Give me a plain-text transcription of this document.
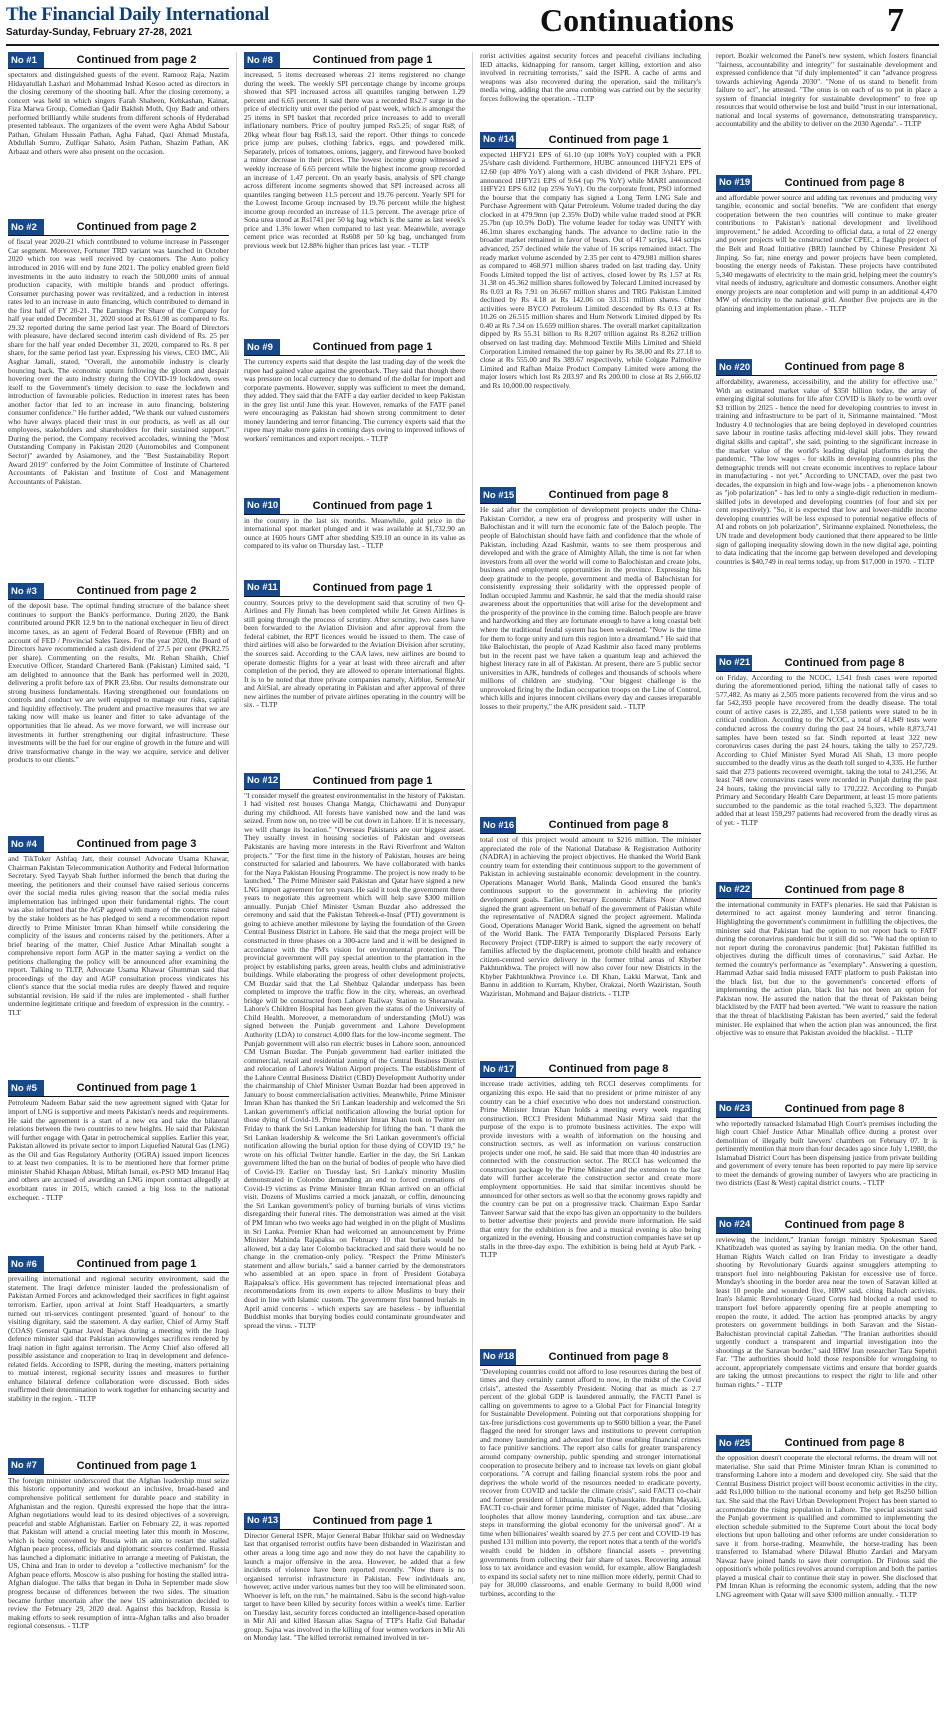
The Financial Daily International
Saturday-Sunday, February 27-28, 2021	Continuations	7
No #1	Continued from page 2
spectators and distinguished guests of the event. Ramooz Raja, Nazim Hidayatullah Lashari and Mohammad Irshad Kosoo acted as directors in the closing ceremony of the shooting ball. After the closing ceremony, a concert was held in which singers Farah Shaheen, Kehkashan, Kainat, Fiza Marwa Group, Comedian Qadir Bakhsh Moth, Quy Badr and others performed brilliantly while students from different schools of Hyderabad presented tableaux. The organizers of the event were Agha Abdul Sabour Pathan, Ghulam Hussain Pathan, Agha Fahad, Qazi Ahmad Mustafa, Abdullah Sumro, Zulfiqar Sahato, Asim Pathan, Shazim Pathan, AK Arbaaz and others were also present on the occasion.
No #2	Continued from page 2
of fiscal year 2020-21 which contributed to volume increase in Passenger Car segment. Moreover, Fortuner TRD variant was launched in October 2020 which too was well received by customers. The Auto policy introduced in 2016 will end by June 2021. The policy enabled green field investments in the auto industry to reach the 500,000 units of annual production capacity, with multiple brands and product offerings. Consumer purchasing power was revitalized, and a reduction in interest rates led to an increase in auto financing, which contributed to demand in the first half of FY 20-21. The Earnings Per Share of the Company for half year ended December 31, 2020 stood at Rs.61.98 as compared to Rs. 29.32 reported during the same period last year. The Board of Directors with pleasure, have declared second interim cash dividend of Rs. 25 per share for the half year ended December 31, 2020, compared to Rs. 8 per share, for the same period last year. Expressing his views, CEO IMC, Ali Asghar Jamali, stated, "Overall, the automobile industry is clearly bouncing back. The economic upturn following the gloom and despair hovering over the auto industry during the COVID-19 lockdown, owes itself to the Government's timely decision to ease the lockdown and introduction of favourable policies. Reduction in interest rates has been another factor that led to an increase in auto financing, bolstering consumer confidence." He further added, "We thank our valued customers who have always placed their trust in our products, as well as all our employees, stakeholders and shareholders for their sustained support." During the period, the Company received accolades, winning the "Most Outstanding Company in Pakistan 2020 (Automobiles and Component Sector)" awarded by Asiamoney, and the "Best Sustainability Report Award 2019" conferred by the Joint Committee of Institute of Chartered Accountants of Pakistan and Institute of Cost and Management Accountants of Pakistan.
No #3	Continued from page 2
of the deposit base. The optimal funding structure of the balance sheet continues to support the Bank's performance. During 2020, the Bank contributed around PKR 12.9 bn to the national exchequer in lieu of direct income taxes, as an agent of Federal Board of Revenue (FBR) and on account of FED / Provincial Sales Taxes. For the year 2020, the Board of Directors have recommended a cash dividend of 27.5 per cent (PKR2.75 per share). Commenting on the results, Mr. Rehan Shaikh, Chief Executive Officer, Standard Chartered Bank (Pakistan) Limited said, "I am delighted to announce that the Bank has performed well in 2020, delivering a profit before tax of PKR 23.6bn. Our results demonstrate our strong business fundamentals. Having strengthened our foundations on controls and conduct we are well equipped to manage our risks, capital and liquidity effectively. The prudent and proactive measures that we are taking now will make us leaner and fitter to take advantage of the opportunities that lie ahead. As we move forward, we will increase our investments in further strengthening our digital infrastructure. These investments will be the fuel for our engine of growth in the future and will drive transformative change in the way we acquire, service and deliver products to our clients."
No #4	Continued from page 3
and TikToker Ashfaq Jatt, their counsel Advocate Usama Khawar, Chairman Pakistan Telecommunication Authority and Federal Information Secretary. Syed Tayyab Shah further informed the bench that during the meeting, the petitioners and their counsel have raised serious concerns over the social media rules giving reason that the social media rules implementation has infringed upon their fundamental rights. The court was also informed that the AGP agreed with many of the concerns raised by the stake holders as he has pledged to send a recommendation report directly to Prime Minister Imran Khan himself while considering the complicity of the issues and concerns raised by the petitioners. After a brief hearing of the matter, Chief Justice Athar Minallah sought a comprehensive report form AGP in the matter saying a verdict on the petitions challenging the policy will be announced after examining the report. Talking to TLTP, Advocate Usama Khawar Ghumman said that proceedings of the day and AGP consultation process vindicates his client's stance that the social media rules are deeply flawed and require substantial revision. He said if the rules are implemented - shall further undermine legitimate critique and freedom of expression in the country. - TLT
No #5	Continued from page 1
Petroleum Nadeem Babar said the new agreement signed with Qatar for import of LNG is supportive and meets Pakistan's needs and requirements. He said the agreement is a start of a new era and take the bilateral relations between the two countries to new heights. He said that Pakistan will further engage with Qatar in petrochemical supplies. Earlier this year, Pakistan allowed its private sector to import Liquefied Natural Gas (LNG) as the Oil and Gas Regulatory Authority (OGRA) issued import licences to at least two companies. It is to be mentioned here that former prime minister Shahid Khaqan Abbasi, Miftah Ismail, ex-PSO MD Imranul Haq and others are accused of awarding an LNG import contract allegedly at exorbitant rates in 2015, which caused a big loss to the national exchequer. - TLTP
No #6	Continued from page 1
prevailing international and regional security environment, said the statement. The Iraqi defence minister lauded the professionalism of Pakistan Armed Forces and acknowledged their sacrifices in fight against terrorism. Earlier, upon arrival at Joint Staff Headquarters, a smartly turned out tri-services contingent presented 'guard of honour' to the visiting dignitary, said the statement. A day earlier, Chief of Army Staff (COAS) General Qamar Javed Bajwa during a meeting with the Iraqi defence minister said that Pakistan acknowledges sacrifices rendered by Iraqi nation in fight against terrorism. The Army Chief also offered all possible assistance and cooperation to Iraq in development and defence-related fields. According to ISPR, during the meeting, matters pertaining to mutual interest, regional security issues and measures to further enhance bilateral defence collaboration were discussed. Both sides reaffirmed their determination to work together for enhancing security and stability in the region. - TLTP
No #7	Continued from page 1
The foreign minister underscored that the Afghan leadership must seize this historic opportunity and workout an inclusive, broad-based and comprehensive political settlement for durable peace and stability in Afghanistan and the region. Qureshi expressed the hope that the intra-Afghan negotiations would lead to its desired objectives of a sovereign, peaceful and stable Afghanistan. Earlier on February 22, it was reported that Pakistan will attend a crucial meeting later this month in Moscow, which is being convened by Russia with an aim to restart the stalled Afghan peace process, officials and diplomatic sources confirmed. Russia has launched a diplomatic initiative to arrange a meeting of Pakistan, the US, China and Iran in order to develop a "collective mechanism" for the Afghan peace efforts. Moscow is also pushing for hosting the stalled intra-Afghan dialogue. The talks that began in Doha in September made slow progress because of differences between the two sides. The situation became further uncertain after the new US administration decided to review the February 29, 2020 deal. Against this backdrop, Russia is making efforts to seek resumption of intra-Afghan talks and also broader regional consensus. - TLTP
No #8	Continued from page 1
increased, 5 items decreased whereas 21 items registered no change during the week. The weekly SPI percentage change by income groups showed that SPI increased across all quantiles ranging between 1.29 percent and 6.65 percent. It said there was a recorded Rs2.7 surge in the price of electricity unit over the period of past week, which is amongst the 25 items in SPI basket that recorded price increases to add to overall inflationary numbers. Price of poultry jumped Rs5.25; of sugar Rs8; of 20kg wheat flour bag Rs8.13, said the report. Other things to concede price jump are pulses, clothing fabrics, eggs, and powdered milk. Separately, prices of tomatoes, onions, jaggery, and firewood have booked a minor decrease in their prices. The lowest income group witnessed a weekly increase of 6.65 percent while the highest income group recorded an increase of 1.47 percent. On an yearly basis, analysis of SPI change across different income segments showed that SPI increased across all quantiles ranging between 11.5 percent and 19.76 percent. Yearly SPI for the Lowest Income Group increased by 19.76 percent while the highest income group recorded an increase of 11.5 percent. The average price of Sona urea stood at Rs1741 per 50 kg bag which is the same as last week's price and 1.3% lower when compared to last year. Meanwhile, average cement price was recorded at Rs608 per 50 kg bag, unchanged from previous week but 12.88% higher than prices last year. - TLTP
No #9	Continued from page 1
The currency experts said that despite the last trading day of the week the rupee had gained value against the greenback. They said that though there was pressure on local currency due to demand of the dollar for import and corporate payments. However, supply was sufficient to meet the demand, they added. They said that the FATF a day earlier decided to keep Pakistan in the grey list until June this year. However, remarks of the FATF panel were encouraging as Pakistan had shown strong commitment to deter money laundering and terror financing. The currency experts said that the rupee may make more gains in coming days owing to improved inflows of workers' remittances and export receipts. - TLTP
No #10	Continued from page 1
in the country in the last six months. Meanwhile, gold price in the international spot market plunged and it was available at $1,732.90 an ounce at 1605 hours GMT after shedding $39.10 an ounce in its value as compared to its value on Thursday last. - TLTP
No #11	Continued from page 1
country. Sources privy to the development said that scrutiny of two Q-Airlines and Fly Jinnah has been completed while Jet Green Airlines is still going through the process of scrutiny. After scrutiny, two cases have been forwarded to the Aviation Division and after approval from the federal cabinet, the RPT licences would be issued to them. The case of third airlines will also be forwarded to the Aviation Division after scrutiny, the sources said. According to the CAA laws, new airlines are bound to operate domestic flights for a year at least with three aircraft and after completion of the period, they are allowed to operate international flights. It is to be noted that three private companies namely, Airblue, SereneAir and AirSial, are already operating in Pakistan and after approval of three new airlines the number of private airlines operating in the country will be six. - TLTP
No #12	Continued from page 1
"I consider myself the greatest environmentalist in the history of Pakistan. I had visited rest houses Changa Manga, Chichawatni and Dunyapur during my childhood. All forests have vanished now and the land was seized. From now on, no tree will be cut down in Lahore. If it is necessary, we will change its location." "Overseas Pakistanis are our biggest asset. They usually invest in housing societies of Pakistan and overseas Pakistanis are having more interests in the Ravi Riverfront and Walton projects." "For the first time in the history of Pakistan, houses are being constructed for salaried and labourers. We have collaborated with banks for the Naya Pakistan Housing Programme. The project is now ready to be launched." The Prime Minister said Pakistan and Qatar have signed a new LNG import agreement for ten years. He said it took the government three years to negotiate this agreement which will help save $300 million annually. Punjab Chief Minister Usman Buzdar also addressed the ceremony and said that the Pakistan Tehreek-e-Insaf (PTI) government is going to achieve another milestone by laying the foundation of the Green Central Business District in Lahore. He said that the mega project will be constructed in three phases on a 300-acre land and it will be designed in accordance with the PM's vision for environmental protection. The provincial government will pay special attention to the plantation in the project by establishing parks, green areas, health clubs and administrative buildings. While elaborating the progress of other development projects, CM Buzdar said that the Lal Shehbaz Qalandar underpass has been completed to improve the traffic flow in the city, whereas, an overhead bridge will be constructed from Lahore Railway Station to Sheranwala. Lahore's Children Hospital has been given the status of the University of Child Health. Moreover, a memorandum of understanding (MoU) was signed between the Punjab government and Lahore Development Authority (LDA) to construct 4,000 flats for the low-income segment. The Punjab government will also run electric buses in Lahore soon, announced CM Usman Buzdar. The Punjab government had earlier initiated the commercial, retail and residential zoning of the Central Business District and relocation of Lahore's Walton Airport projects. The establishment of the Lahore Central Business District (CBD) Development Authority under the chairmanship of Chief Minister Usman Buzdar had been approved in January to boost commercialisation activities. Meanwhile, Prime Minister Imran Khan has thanked the Sri Lankan leadership and welcomed the Sri Lankan government's official notification allowing the burial option for those dying of Covid-19. Prime Minister Imran Khan took to Twitter on Friday to thank the Sri Lankan leadership for lifting the ban. "I thank the Sri Lankan leadership & welcome the Sri Lankan government's official notification allowing the burial option for those dying of COVID 19," he wrote on his official Twitter handle. Earlier in the day, the Sri Lankan government lifted the ban on the burial of bodies of people who have died of Covid-19. Earlier on Tuesday last, Sri Lanka's minority Muslim demonstrated in Colombo demanding an end to forced cremations of Covid-19 victims as Prime Minister Imran Khan arrived on an official visit. Dozens of Muslims carried a mock janazah, or coffin, denouncing the Sri Lankan government's policy of burning burials of virus victims disregarding their funeral rites. The demonstration was aimed at the visit of PM Imran who two weeks ago had weighed in on the plight of Muslims in Sri Lanka. Premier Khan had welcomed an announcement by Prime Minister Mahinda Rajapaksa on February 10 that burials would be allowed, but a day later Colombo backtracked and said there would be no change in the cremation-only policy. "Respect the Prime Minister's statement and allow burials," said a banner carried by the demonstrators who assembled at an open space in front of President Gotabaya Rajapaksa's office. His government has rejected international pleas and recommendations from its own experts to allow Muslims to bury their dead in line with Islamic custom. The government first banned burials in April amid concerns - which experts say are baseless - by influential Buddhist monks that burying bodies could contaminate groundwater and spread the virus. - TLTP
No #13	Continued from page 1
Director General ISPR, Major General Babar Iftikhar said on Wednesday last that organised terrorist outfits have been disbanded in Waziristan and other areas a long time ago and now they do not have the capability to launch a major offensive in the area. However, he added that a few incidents of violence have been reported recently. "Now there is no organised terrorist infrastructure in Pakistan. Few individuals are, however, active under various names but they too will be eliminated soon. Whoever is left, on the run," he maintained. Sabu is the second high-value target to have been killed by security forces within a week's time. Earlier on Tuesday last, security forces conducted an intelligence-based operation in Mir Ali and killed Hassan alias Sagna of TTP's Hafiz Gul Bahadar group. Sajna was involved in the killing of four women workers in Mir Ali on Monday last. "The killed terrorist remained involved in ter-
rorist activities against security forces and peaceful civilians including IED attacks, kidnapping for ransom, target killing, extortion and also involved in recruiting terrorists," said the ISPR. A cache of arms and weapons was also recovered during the operation, said the military's media wing, adding that the area combing was carried out by the security forces following the operation. - TLTP
No #14	Continued from page 1
expected 1HFY21 EPS of 61.10 (up 108% YoY) coupled with a PKR 25/share cash dividend. Furthermore, HUBC announced 1HFY21 EPS of 12.60 (up 48% YoY) along with a cash dividend of PKR 3/share. PPL announced 1HFY21 EPS of 9.64 (up 7% YoY) while MARI announced 1HFY21 EPS 6.02 (up 25% YoY). On the corporate front, PSO informed the bourse that the company has signed a Long Term LNG Sale and Purchase Agreement with Qatar Petroleum. Volume traded during the day clocked in at 479.9mn (up 2.35% DoD) while value traded stood at PKR 25.7bn (up 10.5% DoD). The volume leader for today was UNITY with 46.1mn shares exchanging hands. The advance to decline ratio in the broader market remained in favor of bears. Out of 417 scrips, 144 scrips advanced, 257 declined while the value of 16 scrips remained intact. The ready market volume ascended by 2.35 per cent to 479.981 million shares as compared to 468.971 million shares traded on last trading day. Unity Foods Limited topped the list of actives, closed lower by Rs 1.57 at Rs 31.38 on 45.362 million shares followed by Telecard Limited increased by Rs 0.03 at Rs 7.91 on 36.667 million shares and TRG Pakistan Limited declined by Rs 4.18 at Rs 142.06 on 33.151 million shares. Other activities were BYCO Petroleum Limited descended by Rs 0.13 at Rs 10.26 on 26.515 million shares and Hum Network Limited dipped by Rs 0.40 at Rs 7.34 on 15.659 million shares. The overall market capitalization dipped by Rs 55.31 billion to Rs 8.207 trillion against Rs 8.262 trillion observed on last trading day. Mehmood Textile Mills Limited and Shield Corporation Limited remained the top gainer by Rs 38.00 and Rs 27.18 to close at Rs 555.00 and Rs 389.67 respectively, while Colgate Palmolive Limited and Rafhan Maize Product Company Limited were among the major losers which lost Rs 203.97 and Rs 200.00 to close at Rs 2,666.02 and Rs 10,000.00 respectively.
No #15	Continued from page 8
He said after the completion of development projects under the China-Pakistan Corridor, a new era of progress and prosperity will usher in Balochistan and it will turn the economic fate of the Baloch people. The people of Balochistan should have faith and confidence that the whole of Pakistan, including Azad Kashmir, wants to see them prosperous and developed and with the grace of Almighty Allah, the time is not far when investors from all over the world will come to Balochistan and create jobs, business and employment opportunities in the province. Expressing his deep gratitude to the people, government and media of Balochistan for consistently expressing their solidarity with the oppressed people of Indian occupied Jammu and Kashmir, he said that the media should raise awareness about the opportunities that will arise for the development and the prosperity of the province in the coming time. Baloch people are brave and hardworking and they are fortunate enough to have a long coastal belt where the traditional feudal system has been weakened. "Now is the time for them to forge unity and turn this region into a dreamland." He said that like Balochistan, the people of Azad Kashmir also faced many problems but in the recent past we have taken a quantum leap and achieved the highest literacy rate in all of Pakistan. At present, there are 5 public sector universities in AJK, hundreds of colleges and thousands of schools where millions of children are studying. "Our biggest challenge is the unprovoked firing by the Indian occupation troops on the Line of Control, which kills and injures innocent civilians every day and causes irreparable losses to their property," the AJK president said. - TLTP
No #16	Continued from page 8
total cost of this project would amount to $216 million. The minister appreciated the role of the National Database & Registration Authority (NADRA) in achieving the project objectives. He thanked the World Bank country team for extending their continuous support to the government of Pakistan in achieving sustainable economic development in the country. Operations Manager World Bank, Malinda Good ensured the bank's continuous support to the government in achieving the priority development goals. Earlier, Secretary Economic Affairs Noor Ahmed signed the grant agreement on behalf of the government of Pakistan while the representative of NADRA signed the project agreement. Malinda Good, Operations Manager World Bank, signed the agreement on behalf of the World Bank. The FATA Temporarily Displaced Persons Early Recovery Project (TDP-ERP) is aimed to support the early recovery of families affected by the displacement, promote child health and enhance citizen-centred service delivery in the former tribal areas of Khyber Pakhtunkhwa. The project will now also cover four new Districts in the Khyber Pakhtunkhwa Province i.e. DI Khan, Lakki Marwat, Tank and Bannu in addition to Kurram, Khyber, Orakzai, North Waziristan, South Waziristan, Mohmand and Bajaur districts. - TLTP
No #17	Continued from page 8
increase trade activities, adding teh RCCI deserves compliments for organizing this expo. He said that no president or prime minister of any country can be a chief executive who does not understand construction. Prime Minister Imran Khan holds a meeting every week regarding construction. RCCI President Muhammad Nasir Mirza said that the purpose of the expo is to promote business activities. The expo will provide investors with a wealth of information on the housing and construction sectors, as well as information on various construction projects under one roof, he said. He said that more than 40 industries are connected with the construction sector. The RCCI has welcomed the construction package by the Prime Minister and the extension to the last date will further accelerate the construction sector and create more employment opportunities. He said that similar incentives should be announced for other sectors as well so that the economy grows rapidly and the country can be put on a progressive track. Chairman Expo Sardar Tanveer Sarwar said that the expo has given an opportunity to the builders to better advertise their projects and provide more information. He said that entry for the exhibition is free and a musical evening is also being organized in the evening. Housing and construction companies have set up stalls in the three-day expo. The exhibition is being held at Ayub Park. - TLTP
No #18	Continued from page 8
"Developing countries could not afford to lose resources during the best of times and they certainly cannot afford to now, in the midst of the Covid crisis", attested the Assembly President. Noting that as much as 2.7 percent of the global GDP is laundered annually, the FACTI Panel is calling on governments to agree to a Global Pact for Financial Integrity for Sustainable Development. Pointing out that corporations shopping for tax-free jurisdictions cost governments up to $600 billion a year, the Panel flagged the need for stronger laws and institutions to prevent corruption and money laundering and advocated for those enabling financial crimes to face punitive sanctions. The report also calls for greater transparency around company ownership, public spending and stronger international cooperation to prosecute bribery and to increase tax levels on giant global corporations. "A corrupt and failing financial system robs the poor and deprives the whole world of the resources needed to eradicate poverty, recover from COVID and tackle the climate crisis", said FACTI co-chair and former president of Lithuania, Dalia Grybauskaite. Ibrahim Mayaki, FACTI co-chair and former prime minister of Niger, added that "closing loopholes that allow money laundering, corruption and tax abuse...are steps in transforming the global economy for the universal good". At a time when billionaires' wealth soared by 27.5 per cent and COVID-19 has pushed 131 million into poverty, the report notes that a tenth of the world's wealth could be hidden in offshore financial assets - preventing governments from collecting their fair share of taxes. Recovering annual loss to tax avoidance and evasion would, for example, allow Bangladesh to expand its social safety net to nine million more elderly, permit Chad to pay for 38,000 classrooms, and enable Germany to build 8,000 wind turbines, according to the
report. Bozkir welcomed the Panel's new system, which fosters financial "fairness, accountability and integrity" for sustainable development and expressed confidence that "if duly implemented" it can "advance progress towards achieving Agenda 2030". "None of us stand to benefit from failure to act", he attested. "The onus is on each of us to put in place a system of financial integrity for sustainable development" to free up resources that would otherwise be lost and build "trust in our international, national and local systems of governance, demonstrating transparency, accountability and the ability to deliver on the 2030 Agenda". - TLTP
No #19	Continued from page 8
and affordable power source and adding tax revenues and producing very tangible, economic and social benefits. "We are confident that energy cooperation between the two countries will continue to make greater contributions to Pakistan's national development and livelihood improvement," he added. According to official data, a total of 22 energy and power projects will be constructed under CPEC, a flagship project of the Belt and Road Initiative (BRI) launched by Chinese President Xi Jinping. So far, nine energy and power projects have been completed, boosting the energy needs of Pakistan. These projects have contributed 5,340 megawatts of electricity to the main grid, helping meet the country's vital needs of industry, agriculture and domestic consumers. Another eight energy projects are near completion and will pump in an additional 4,470 MW of electricity to the national grid. Another five projects are in the planning and implementation phase. - TLTP
No #20	Continued from page 8
affordability, awareness, accessibility, and the ability for effective use." With an estimated market value of $350 billion today, the array of emerging digital solutions for life after COVID is likely to be worth over $3 trillion by 2025 - hence the need for developing countries to invest in training and infrastructure to be part of it, Sirimanne maintained. "Most Industry 4.0 technologies that are being deployed in developed countries save labour in routine tasks affecting mid-level skill jobs. They reward digital skills and capital", she said, pointing to the significant increase in the market value of the world's leading digital platforms during the pandemic. "The low wages - for skills in developing countries plus the demographic trends will not create economic incentives to replace labour in manufacturing - not yet." According to UNCTAD, over the past two decades, the expansion in high and low-wage jobs - a phenomenon known as "job polarization" - has led to only a single-digit reduction in medium-skilled jobs in developed and developing countries (of four and six per cent respectively). "So, it is expected that low and lower-middle income developing countries will be less exposed to potential negative effects of AI and robots on job polarization", Sirimanne explained. Nonetheless, the UN trade and development body cautioned that there appeared to be little sign of galloping inequality slowing down in the new digital age, pointing to data indicating that the income gap between developed and developing countries is $40,749 in real terms today, up from $17,000 in 1970. - TLTP
No #21	Continued from page 8
on Friday. According to the NCOC, 1,541 fresh cases were reported during the aforementioned period, lifting the national tally of cases to 577,482. As many as 2,505 more patients recovered from the virus and so far 542,393 people have recovered from the deadly disease. The total count of active cases is 22,285, and 1,558 patients were stated to be in critical condition. According to the NCOC, a total of 41,849 tests were conducted across the country during the past 24 hours, while 8,873,741 samples have been tested so far. Sindh reported at least 322 new coronavirus cases during the past 24 hours, taking the tally to 257,729. According to Chief Minister Syed Murad Ali Shah, 13 more people succumbed to the deadly virus as the death toll surged to 4,335. He further said that 273 patients recovered overnight, taking the total to 241,256. At least 748 new coronavirus cases were recorded in Punjab during the past 24 hours, taking the provincial tally to 170,222. According to Punjab Primary and Secondary Health Care Department, at least 15 more patients succumbed to the pandemic as the total reached 5,323. The department added that at least 159,297 patients had recovered from the deadly virus as of yet. - TLTP
No #22	Continued from page 8
the international community in FATF's plenaries. He said that Pakistan is determined to act against money laundering and terror financing. Highlighting the government's commitment in fulfilling the objectives, the minister said that Pakistan had the option to not report back to FATF during the coronavirus pandemic but it still did so. "We had the option to not report during the coronavirus pandemic [but] Pakistan fulfilled its objectives during the difficult times of coronavirus," said Azhar. He termed the country's performance as "exemplary". Answering a question, Hammad Azhar said India misused FATF platform to push Pakistan into the black list, but due to the government's concerted efforts of implementing the action plan, black list has not been an option for Pakistan now. He assured the nation that the threat of Pakistan being blacklisted by the FATF had been averted. "We want to reassure the nation that the threat of blacklisting Pakistan has been averted," said the federal minister. He explained that when the action plan was announced, the first objective was to ensure that Pakistan avoided the blacklist. - TLTP
No #23	Continued from page 8
who reportedly ransacked Islamabad High Court's premises including the high court Chief Justice Athar Minallah office during a protest over demolition of illegally built lawyers' chambers on February 07. It is pertinently mention that more than four decades ago since July 1,1980, the Islamabad District Court has been dispensing justice from private building and government of every tenure has been reported to pay mere lip service to meet the demands of growing number of lawyers who are practicing in two districts (East & West) capital district courts. - TLTP
No #24	Continued from page 8
reviewing the incident," Iranian foreign ministry Spokesman Saeed Khatibzadeh was quoted as saying by Iranian media. On the other hand, Human Rights Watch called on Iran Friday to investigate a deadly shooting by Revolutionary Guards against smugglers attempting to transport fuel into neighbouring Pakistan for excessive use of force. Monday's shooting in the border area near the town of Saravan killed at least 10 people and wounded five, HRW said, citing Baloch activists. Iran's Islamic Revolutionary Guard Corps had blocked a road used to transport fuel before apparently opening fire at people attempting to reopen the route, it added. The action has prompted attacks by angry protesters on government buildings in both Saravan and the Sistan-Baluchistan provincial capital Zahedan. "The Iranian authorities should urgently conduct a transparent and impartial investigation into the shootings at the Saravan border," said HRW Iran researcher Tara Sepehri Far. "The authorities should hold those responsible for wrongdoing to account, appropriately compensate victims and ensure that border guards are taking the utmost precautions to respect the right to life and other human rights." - TLTP
No #25	Continued from page 8
the opposition doesn't cooperate the electoral reforms, the dream will not materialise. She said that Prime Minister Imran Khan is committed to transforming Lahore into a modern and developed city. She said that the Central Business District project will boost economic activities in the city, add Rs1,000 billion to the national economy and help get Rs250 billion tax. She said that the Ravi Urban Development Project has been started to accommodate the rising population in Lahore. The special assistant said the Punjab government is qualified and committed to implementing the election schedule submitted to the Supreme Court about the local body elections but upon balloting and other reforms are under consideration to save it from horse-trading. Meanwhile, the horse-trading has been transferred to Islamabad where Dilawal Bhutto Zardari and Maryam Nawaz have joined hands to save their corruption. Dr Firdous said the opposition's whole politics revolves around corruption and both the parties played a musical chair to continue their stay in power. She disclosed that PM Imran Khan is reforming the economic system, adding that the new LNG agreement with Qatar will save $300 million annually. - TLTP
